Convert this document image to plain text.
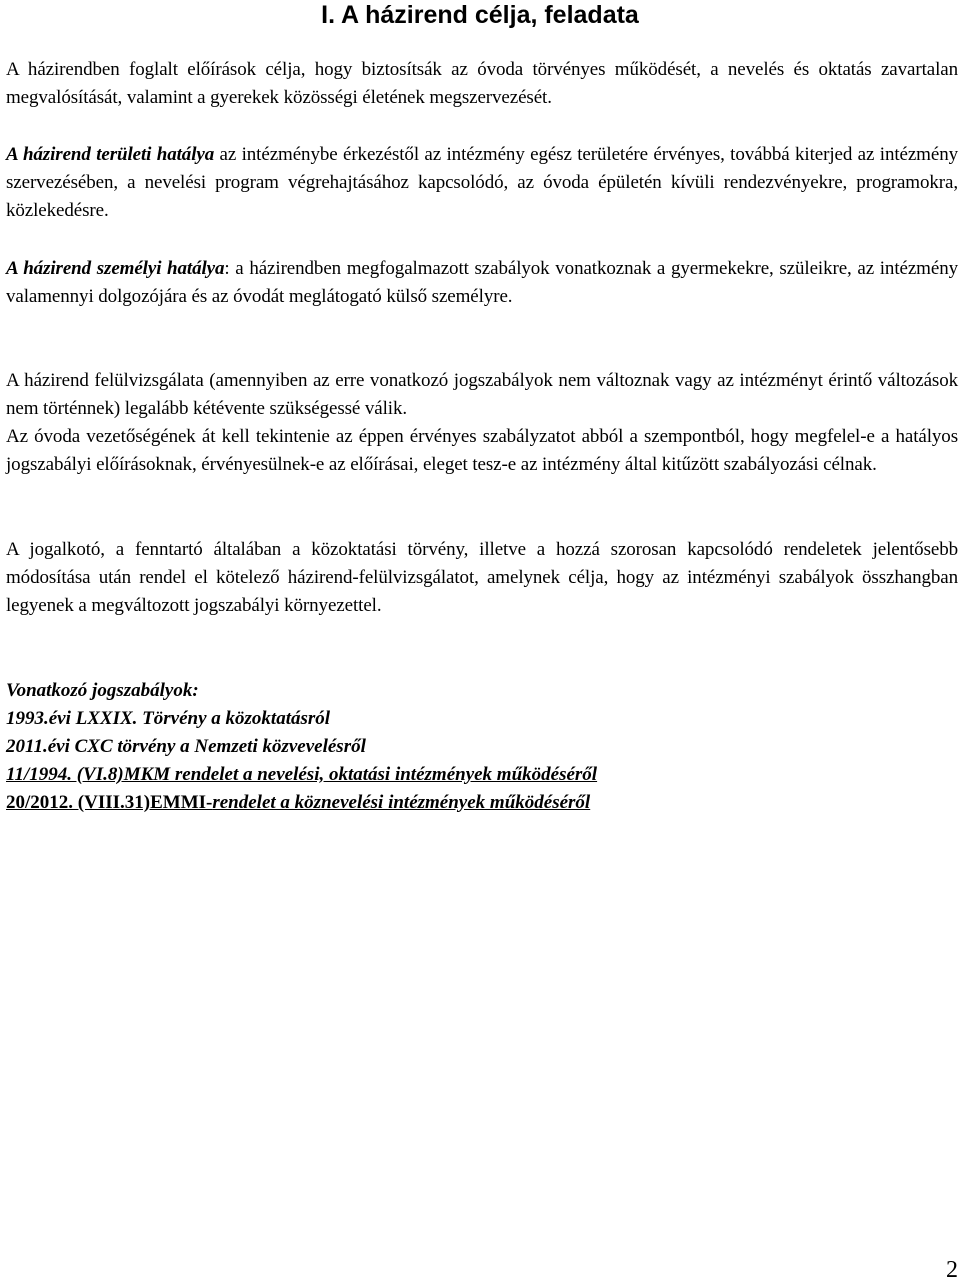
I. A házirend célja, feladata

A házirendben foglalt előírások célja, hogy biztosítsák az óvoda törvényes működését, a nevelés és oktatás zavartalan megvalósítását, valamint a gyerekek közösségi életének megszervezését.

A házirend területi hatálya az intézménybe érkezéstől az intézmény egész területére érvényes, továbbá kiterjed az intézmény szervezésében, a nevelési program végrehajtásához kapcsolódó, az óvoda épületén kívüli rendezvényekre, programokra, közlekedésre.

A házirend személyi hatálya: a házirendben megfogalmazott szabályok vonatkoznak a gyermekekre, szüleikre, az intézmény valamennyi dolgozójára és az óvodát meglátogató külső személyre.

A házirend felülvizsgálata (amennyiben az erre vonatkozó jogszabályok nem változnak vagy az intézményt érintő változások nem történnek) legalább kétévente szükségessé válik.

Az óvoda vezetőségének át kell tekintenie az éppen érvényes szabályzatot abból a szempontból, hogy megfelel-e a hatályos jogszabályi előírásoknak, érvényesülnek-e az előírásai, eleget tesz-e az intézmény által kitűzött szabályozási célnak.

A jogalkotó, a fenntartó általában a közoktatási törvény, illetve a hozzá szorosan kapcsolódó rendeletek jelentősebb módosítása után rendel el kötelező házirend-felülvizsgálatot, amelynek célja, hogy az intézményi szabályok összhangban legyenek a megváltozott jogszabályi környezettel.

Vonatkozó jogszabályok:

1993.évi LXXIX. Törvény a közoktatásról

2011.évi CXC törvény a Nemzeti közvevelésről

11/1994. (VI.8)MKM rendelet a nevelési, oktatási intézmények működéséről

20/2012. (VIII.31)EMMI-rendelet a köznevelési intézmények működéséről

2
